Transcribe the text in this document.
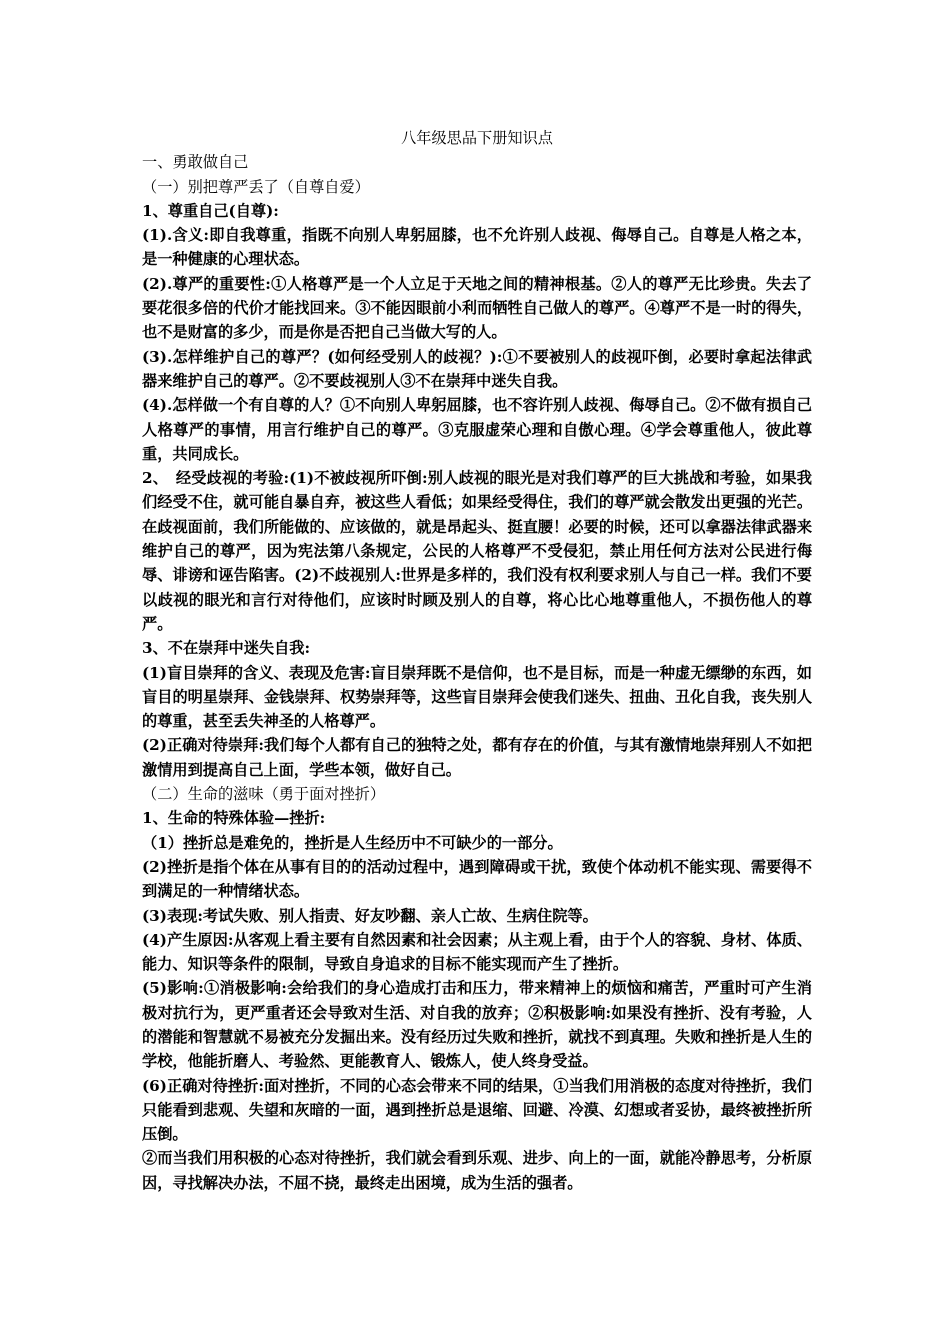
八年级思品下册知识点

一、勇敢做自己

（一）别把尊严丢了（自尊自爱）

1、尊重自己(自尊):

(1).含义:即自我尊重，指既不向别人卑躬屈膝，也不允许别人歧视、侮辱自己。自尊是人格之本，是一种健康的心理状态。

(2).尊严的重要性:①人格尊严是一个人立足于天地之间的精神根基。②人的尊严无比珍贵。失去了要花很多倍的代价才能找回来。③不能因眼前小利而牺牲自己做人的尊严。④尊严不是一时的得失，也不是财富的多少，而是你是否把自己当做大写的人。

(3).怎样维护自己的尊严？(如何经受别人的歧视？):①不要被别人的歧视吓倒，必要时拿起法律武器来维护自己的尊严。②不要歧视别人③不在崇拜中迷失自我。

(4).怎样做一个有自尊的人？①不向别人卑躬屈膝，也不容许别人歧视、侮辱自己。②不做有损自己人格尊严的事情，用言行维护自己的尊严。③克服虚荣心理和自傲心理。④学会尊重他人，彼此尊重，共同成长。

2、　经受歧视的考验:(1)不被歧视所吓倒:别人歧视的眼光是对我们尊严的巨大挑战和考验，如果我们经受不住，就可能自暴自弃，被这些人看低；如果经受得住，我们的尊严就会散发出更强的光芒。在歧视面前，我们所能做的、应该做的，就是昂起头、挺直腰！必要的时候，还可以拿器法律武器来维护自己的尊严，因为宪法第八条规定，公民的人格尊严不受侵犯，禁止用任何方法对公民进行侮辱、诽谤和诬告陷害。(2)不歧视别人:世界是多样的，我们没有权利要求别人与自己一样。我们不要以歧视的眼光和言行对待他们，应该时时顾及别人的自尊，将心比心地尊重他人，不损伤他人的尊严。

3、不在崇拜中迷失自我:

(1)盲目崇拜的含义、表现及危害:盲目崇拜既不是信仰，也不是目标，而是一种虚无缥缈的东西，如盲目的明星崇拜、金钱崇拜、权势崇拜等，这些盲目崇拜会使我们迷失、扭曲、丑化自我，丧失别人的尊重，甚至丢失神圣的人格尊严。

(2)正确对待崇拜:我们每个人都有自己的独特之处，都有存在的价值，与其有激情地崇拜别人不如把激情用到提高自己上面，学些本领，做好自己。

（二）生命的滋味（勇于面对挫折）

1、生命的特殊体验—挫折:

（1）挫折总是难免的，挫折是人生经历中不可缺少的一部分。

(2)挫折是指个体在从事有目的的活动过程中，遇到障碍或干扰，致使个体动机不能实现、需要得不到满足的一种情绪状态。

(3)表现:考试失败、别人指责、好友吵翻、亲人亡故、生病住院等。

(4)产生原因:从客观上看主要有自然因素和社会因素；从主观上看，由于个人的容貌、身材、体质、能力、知识等条件的限制，导致自身追求的目标不能实现而产生了挫折。

(5)影响:①消极影响:会给我们的身心造成打击和压力，带来精神上的烦恼和痛苦，严重时可产生消极对抗行为，更严重者还会导致对生活、对自我的放弃；②积极影响:如果没有挫折、没有考验，人的潜能和智慧就不易被充分发掘出来。没有经历过失败和挫折，就找不到真理。失败和挫折是人生的学校，他能折磨人、考验然、更能教育人、锻炼人，使人终身受益。

(6)正确对待挫折:面对挫折，不同的心态会带来不同的结果，①当我们用消极的态度对待挫折，我们只能看到悲观、失望和灰暗的一面，遇到挫折总是退缩、回避、冷漠、幻想或者妥协，最终被挫折所压倒。

②而当我们用积极的心态对待挫折，我们就会看到乐观、进步、向上的一面，就能冷静思考，分析原因，寻找解决办法，不屈不挠，最终走出困境，成为生活的强者。
